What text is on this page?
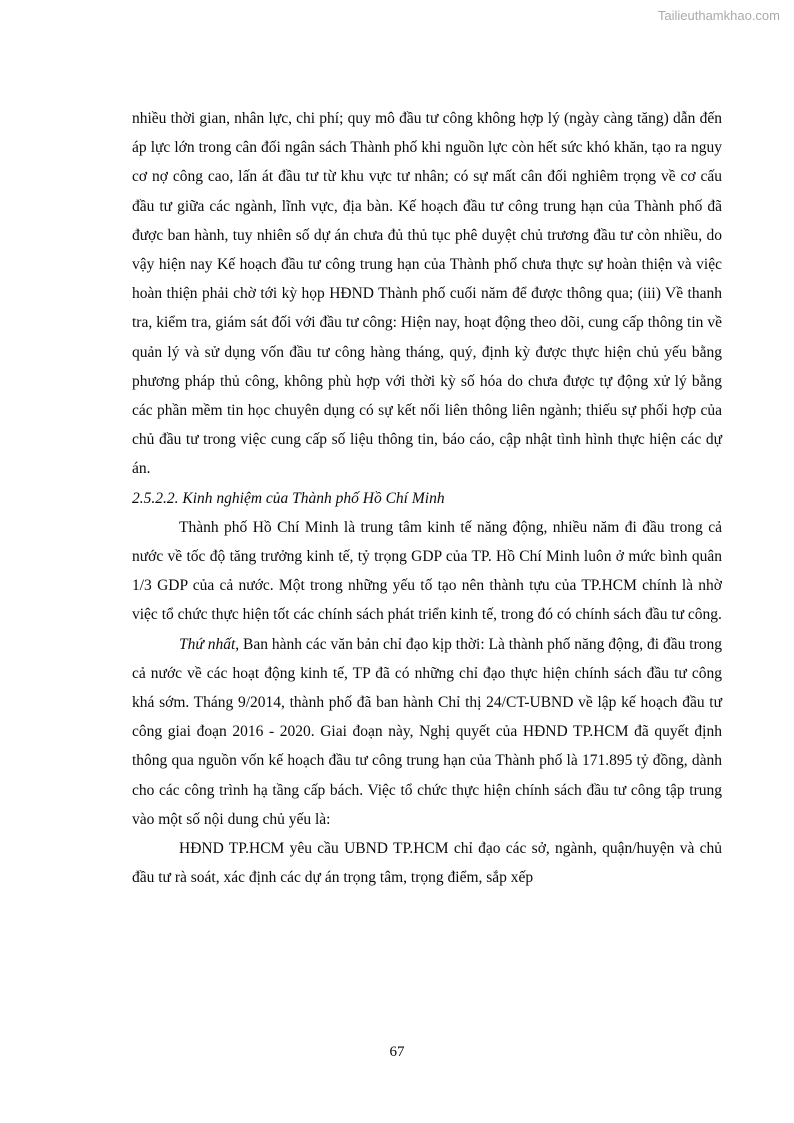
Tailieuthamkhao.com

nhiều thời gian, nhân lực, chi phí; quy mô đầu tư công không hợp lý (ngày càng tăng) dẫn đến áp lực lớn trong cân đối ngân sách Thành phố khi nguồn lực còn hết sức khó khăn, tạo ra nguy cơ nợ công cao, lấn át đầu tư từ khu vực tư nhân; có sự mất cân đối nghiêm trọng về cơ cấu đầu tư giữa các ngành, lĩnh vực, địa bàn. Kế hoạch đầu tư công trung hạn của Thành phố đã được ban hành, tuy nhiên số dự án chưa đủ thủ tục phê duyệt chủ trương đầu tư còn nhiều, do vậy hiện nay Kế hoạch đầu tư công trung hạn của Thành phố chưa thực sự hoàn thiện và việc hoàn thiện phải chờ tới kỳ họp HĐND Thành phố cuối năm để được thông qua; (iii) Về thanh tra, kiểm tra, giám sát đối với đầu tư công: Hiện nay, hoạt động theo dõi, cung cấp thông tin về quản lý và sử dụng vốn đầu tư công hàng tháng, quý, định kỳ được thực hiện chủ yếu bằng phương pháp thủ công, không phù hợp với thời kỳ số hóa do chưa được tự động xử lý bằng các phần mềm tin học chuyên dụng có sự kết nối liên thông liên ngành; thiếu sự phối hợp của chủ đầu tư trong việc cung cấp số liệu thông tin, báo cáo, cập nhật tình hình thực hiện các dự án.

2.5.2.2. Kinh nghiệm của Thành phố Hồ Chí Minh

Thành phố Hồ Chí Minh là trung tâm kinh tế năng động, nhiều năm đi đầu trong cả nước về tốc độ tăng trưởng kinh tế, tỷ trọng GDP của TP. Hồ Chí Minh luôn ở mức bình quân 1/3 GDP của cả nước. Một trong những yếu tố tạo nên thành tựu của TP.HCM chính là nhờ việc tổ chức thực hiện tốt các chính sách phát triển kinh tế, trong đó có chính sách đầu tư công.

Thứ nhất, Ban hành các văn bản chỉ đạo kịp thời: Là thành phố năng động, đi đầu trong cả nước về các hoạt động kinh tế, TP đã có những chỉ đạo thực hiện chính sách đầu tư công khá sớm. Tháng 9/2014, thành phố đã ban hành Chỉ thị 24/CT-UBND về lập kế hoạch đầu tư công giai đoạn 2016 - 2020. Giai đoạn này, Nghị quyết của HĐND TP.HCM đã quyết định thông qua nguồn vốn kế hoạch đầu tư công trung hạn của Thành phố là 171.895 tỷ đồng, dành cho các công trình hạ tầng cấp bách. Việc tổ chức thực hiện chính sách đầu tư công tập trung vào một số nội dung chủ yếu là:

HĐND TP.HCM yêu cầu UBND TP.HCM chỉ đạo các sở, ngành, quận/huyện và chủ đầu tư rà soát, xác định các dự án trọng tâm, trọng điểm, sắp xếp

67
